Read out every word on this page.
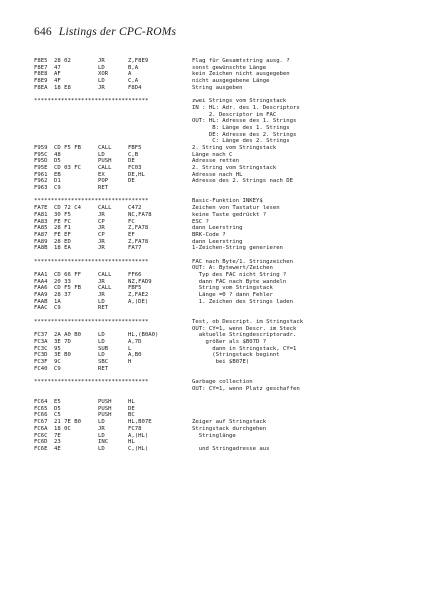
646 Listings der CPC-ROMs
F8E5 28 02	JR	Z,F8E9	Flag für Gesamtstring ausg. ?
F8E7 47	LD	B,A	sonst gewünschte Länge
F8E8 AF	XOR	A	kein Zeichen nicht ausgegeben
F8E9 4F	LD	C,A	nicht ausgegebene Länge
F8EA 18 E8	JR	F8D4	String ausgeben
**********************************	zwei Strings vom Stringstack
IN : HL: Adr. des 1. Descriptors
2. Descriptor im FAC
OUT: HL: Adresse des 1. Strings
B: Länge des 1. Strings
DE: Adresse des 2. Strings
C: Länge des 2. Strings
F959 CD F5 FB	CALL	FBF5	2. String vom Stringstack
F95C 48	LD	C,B	Länge nach C
F95D D5	PUSH	DE	Adresse retten
F95E CD 03 FC	CALL	FC03	2. String vom Stringstack
F961 EB	EX	DE,HL	Adresse nach HL
F962 D1	POP	DE	Adresse des 2. Strings nach DE
F963 C9	RET
**********************************	Basic-Funktion INKEY$
FA7E CD 72 C4	CALL	C472	Zeichen von Tastatur lesen
FA81 30 F5	JR	NC,FA78	keine Taste gedrückt ?
FA83 FE FC	CP	FC	ESC ?
FA85 28 F1	JR	Z,FA78	dann Leerstring
FA87 FE EF	CP	EF	BRK-Code ?
FA89 28 ED	JR	Z,FA78	dann Leerstring
FA8B 18 EA	JR	FA77	1-Zeichen-String generieren
**********************************	FAC nach Byte/1. Stringzeichen
OUT: A: Bytewert/Zeichen
FAA1 CD 66 FF	CALL	FF66	Typ des FAC nicht String ?
FAA4 20 33	JR	NZ,FAD9	dann FAC nach Byte wandeln
FAA6 CD F5 FB	CALL	FBF5	String vom Stringstack
FAA9 28 37	JR	Z,FAE2	Länge =0 ? dann Fehler
FAAB 1A	LD	A,(DE)	1. Zeichen des Strings laden
FAAC C9	RET
**********************************	Test, ob Descript. im Stringstack
OUT: CY=1, wenn Descr. im Steck
FC37 2A A0 B0	LD	HL,(B0A0)	aktuelle Stringdescriptoradr.
FC3A 3E 7D	LD	A,7D	größer als $B07D ?
FC3C 95	SUB	L	dann in Stringstack, CY=1
FC3D 3E B0	LD	A,B0	(Stringstack beginnt
FC3F 9C	SBC	H	bei $B07E)
FC40 C9	RET
**********************************	Garbage collection
OUT: CY=1, wenn Platz geschaffen
FC64 E5	PUSH	HL
FC65 D5	PUSH	DE
FC66 C5	PUSH	BC
FC67 21 7E B0	LD	HL,B07E	Zeiger auf Stringstack
FC6A 18 0C	JR	FC78	Stringstack durchgehen
FC6C 7E	LD	A,(HL)	Stringlänge
FC6D 23	INC	HL
FC6E 4E	LD	C,(HL)	und Stringadresse aus
